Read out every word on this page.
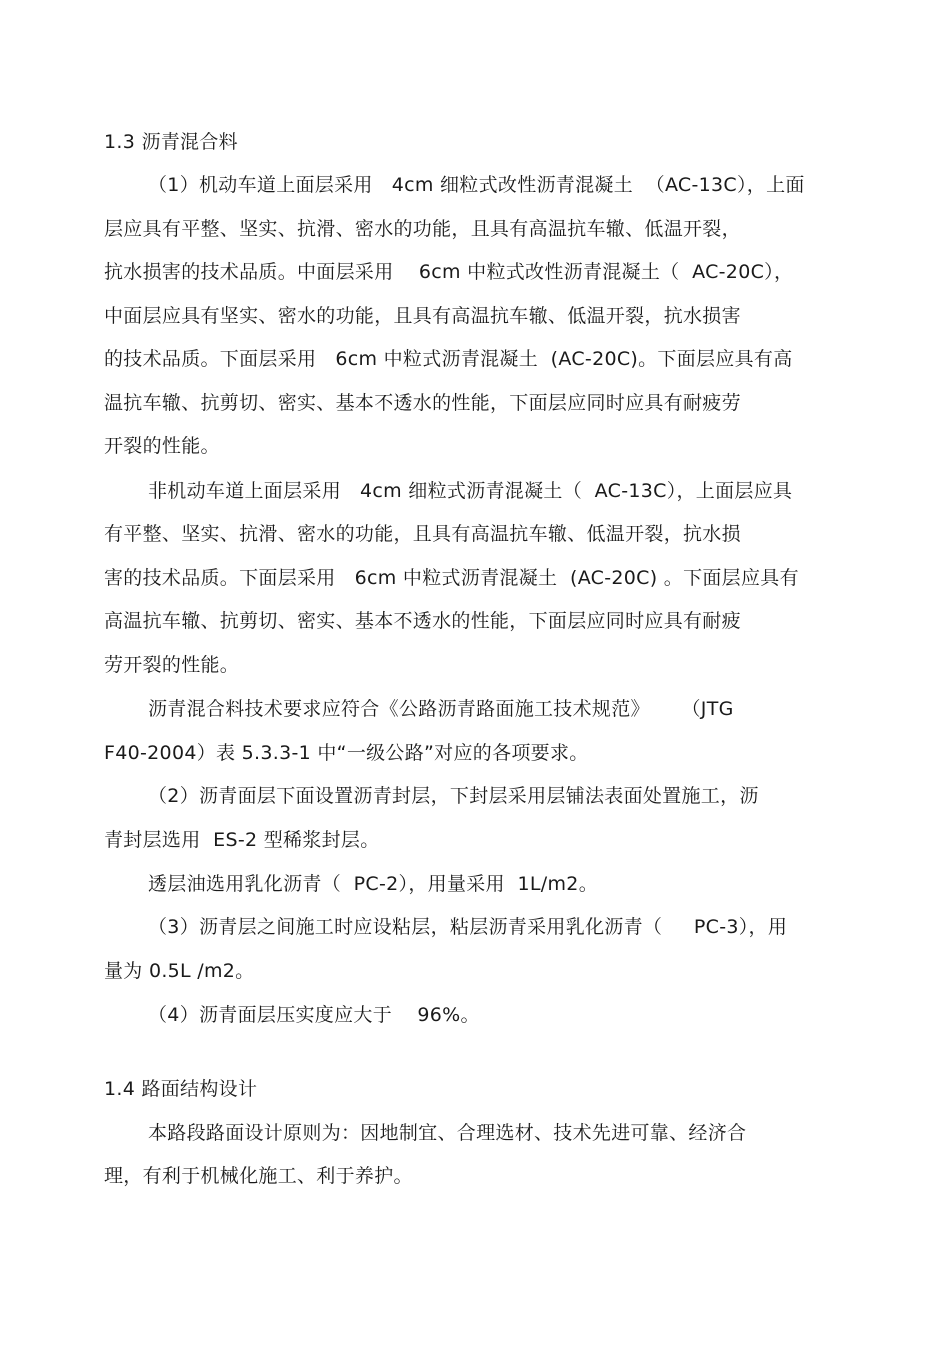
1.3 沥青混合料
（1）机动车道上面层采用   4cm 细粒式改性沥青混凝土  （AC-13C），上面
层应具有平整、坚实、抗滑、密水的功能，且具有高温抗车辙、低温开裂，
抗水损害的技术品质。中面层采用    6cm 中粒式改性沥青混凝土（  AC-20C），
中面层应具有坚实、密水的功能，且具有高温抗车辙、低温开裂，抗水损害
的技术品质。下面层采用   6cm 中粒式沥青混凝土  (AC-20C)。下面层应具有高
温抗车辙、抗剪切、密实、基本不透水的性能，下面层应同时应具有耐疲劳
开裂的性能。
非机动车道上面层采用   4cm 细粒式沥青混凝土（  AC-13C），上面层应具
有平整、坚实、抗滑、密水的功能，且具有高温抗车辙、低温开裂，抗水损
害的技术品质。下面层采用   6cm 中粒式沥青混凝土  (AC-20C) 。下面层应具有
高温抗车辙、抗剪切、密实、基本不透水的性能，下面层应同时应具有耐疲
劳开裂的性能。
沥青混合料技术要求应符合《公路沥青路面施工技术规范》     （JTG
F40-2004）表 5.3.3-1 中“一级公路”对应的各项要求。
（2）沥青面层下面设置沥青封层，下封层采用层铺法表面处置施工，沥
青封层选用  ES-2 型稀浆封层。
透层油选用乳化沥青（  PC-2），用量采用  1L/m2。
（3）沥青层之间施工时应设粘层，粘层沥青采用乳化沥青（     PC-3），用
量为 0.5L /m2。
（4）沥青面层压实度应大于    96%。
1.4 路面结构设计
本路段路面设计原则为：因地制宜、合理选材、技术先进可靠、经济合
理，有利于机械化施工、利于养护。
